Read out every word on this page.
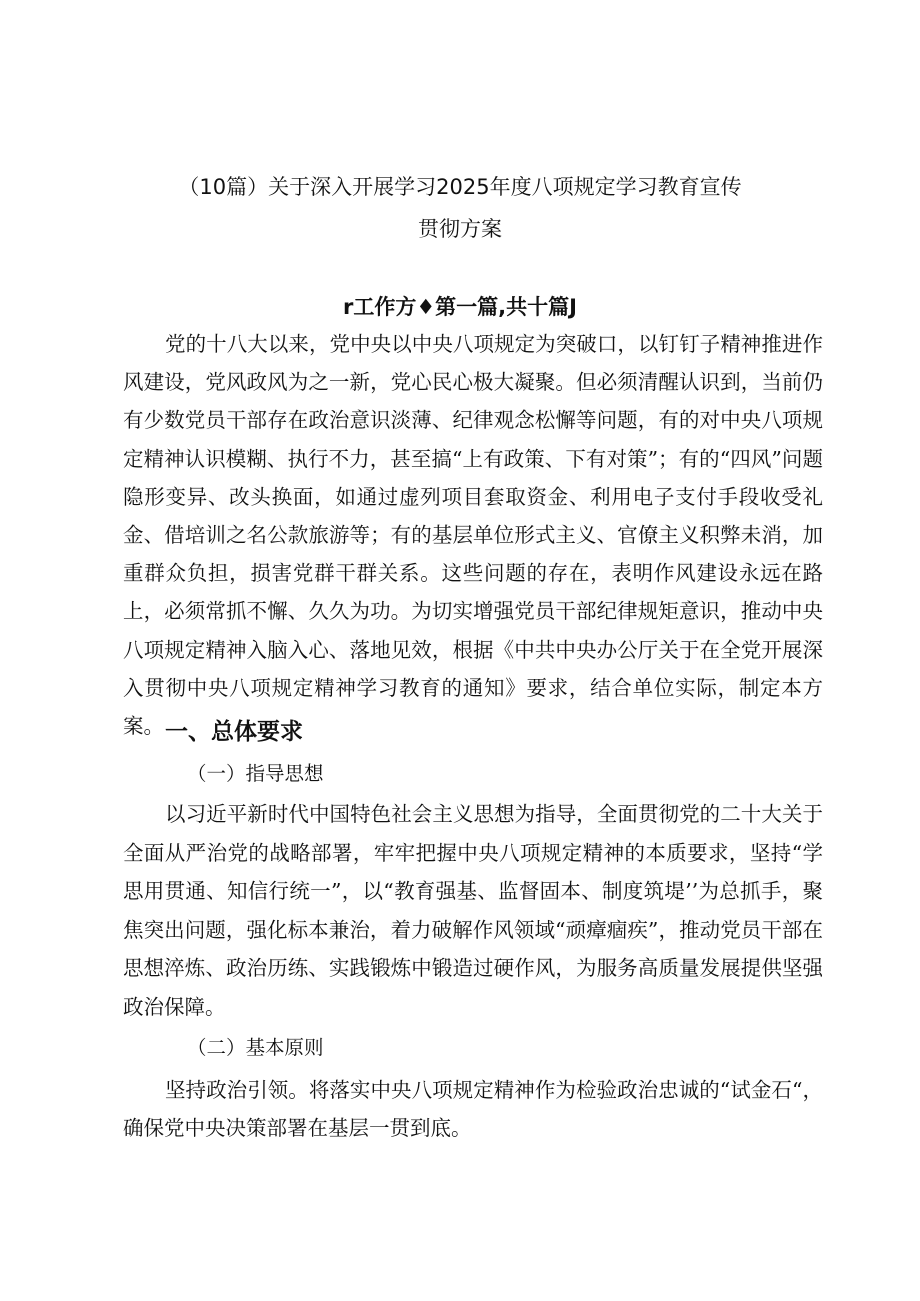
（10篇）关于深入开展学习2025年度八项规定学习教育宣传
贯彻方案
r工作方♦第一篇,共十篇J

党的十八大以来，党中央以中央八项规定为突破口，以钉钉子精神推进作风建设，党风政风为之一新，党心民心极大凝聚。但必须清醒认识到，当前仍有少数党员干部存在政治意识淡薄、纪律观念松懈等问题，有的对中央八项规定精神认识模糊、执行不力，甚至搞“上有政策、下有对策”；有的“四风”问题隐形变异、改头换面，如通过虚列项目套取资金、利用电子支付手段收受礼金、借培训之名公款旅游等；有的基层单位形式主义、官僚主义积弊未消，加重群众负担，损害党群干群关系。这些问题的存在，表明作风建设永远在路上，必须常抓不懈、久久为功。为切实增强党员干部纪律规矩意识，推动中央八项规定精神入脑入心、落地见效，根据《中共中央办公厅关于在全党开展深入贯彻中央八项规定精神学习教育的通知》要求，结合单位实际，制定本方案。 一、总体要求
（一）指导思想

以习近平新时代中国特色社会主义思想为指导，全面贯彻党的二十大关于全面从严治党的战略部署，牢牢把握中央八项规定精神的本质要求，坚持“学思用贯通、知信行统一”，以“教育强基、监督固本、制度筑堤’’为总抓手，聚焦突出问题，强化标本兼治，着力破解作风领域“顽瘴痼疾”，推动党员干部在思想淬炼、政治历练、实践锻炼中锻造过硬作风，为服务高质量发展提供坚强政治保障。

（二）基本原则

坚持政治引领。将落实中央八项规定精神作为检验政治忠诚的“试金石“，确保党中央决策部署在基层一贯到底。
